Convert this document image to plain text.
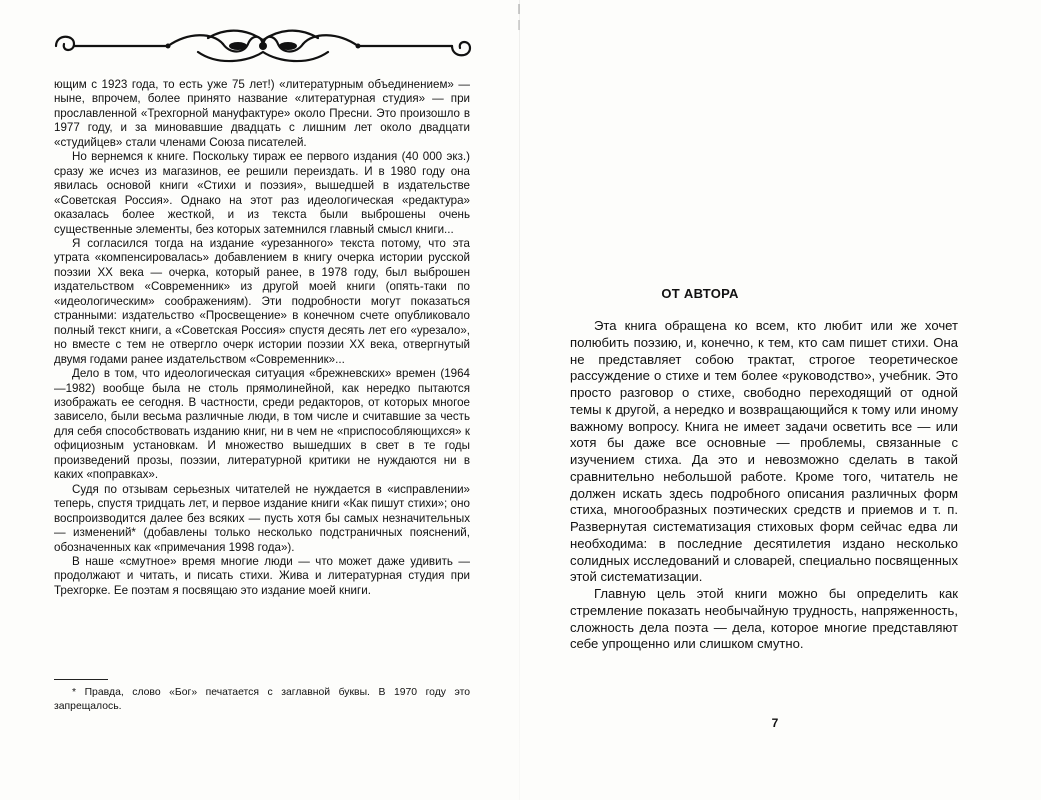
ющим с 1923 года, то есть уже 75 лет!) «литературным объединением» — ныне, впрочем, более принято название «литературная студия» — при прославленной «Трехгорной мануфактуре» около Пресни. Это произошло в 1977 году, и за миновавшие двадцать с лишним лет около двадцати «студийцев» стали членами Союза писателей.

Но вернемся к книге. Поскольку тираж ее первого издания (40 000 экз.) сразу же исчез из магазинов, ее решили переиздать. И в 1980 году она явилась основой книги «Стихи и поэзия», вышедшей в издательстве «Советская Россия». Однако на этот раз идеологическая «редактура» оказалась более жесткой, и из текста были выброшены очень существенные элементы, без которых затемнился главный смысл книги...

Я согласился тогда на издание «урезанного» текста потому, что эта утрата «компенсировалась» добавлением в книгу очерка истории русской поэзии XX века — очерка, который ранее, в 1978 году, был выброшен издательством «Современник» из другой моей книги (опять-таки по «идеологическим» соображениям). Эти подробности могут показаться странными: издательство «Просвещение» в конечном счете опубликовало полный текст книги, а «Советская Россия» спустя десять лет его «урезало», но вместе с тем не отвергло очерк истории поэзии XX века, отвергнутый двумя годами ранее издательством «Современник»...

Дело в том, что идеологическая ситуация «брежневских» времен (1964—1982) вообще была не столь прямолинейной, как нередко пытаются изображать ее сегодня. В частности, среди редакторов, от которых многое зависело, были весьма различные люди, в том числе и считавшие за честь для себя способствовать изданию книг, ни в чем не «приспособляющихся» к официозным установкам. И множество вышедших в свет в те годы произведений прозы, поэзии, литературной критики не нуждаются ни в каких «поправках».

Судя по отзывам серьезных читателей не нуждается в «исправлении» теперь, спустя тридцать лет, и первое издание книги «Как пишут стихи»; оно воспроизводится далее без всяких — пусть хотя бы самых незначительных — изменений* (добавлены только несколько подстраничных пояснений, обозначенных как «примечания 1998 года»).

В наше «смутное» время многие люди — что может даже удивить — продолжают и читать, и писать стихи. Жива и литературная студия при Трехгорке. Ее поэтам я посвящаю это издание моей книги.

* Правда, слово «Бог» печатается с заглавной буквы. В 1970 году это запрещалось.
ОТ АВТОРА

Эта книга обращена ко всем, кто любит или же хочет полюбить поэзию, и, конечно, к тем, кто сам пишет стихи. Она не представляет собою трактат, строгое теоретическое рассуждение о стихе и тем более «руководство», учебник. Это просто разговор о стихе, свободно переходящий от одной темы к другой, а нередко и возвращающийся к тому или иному важному вопросу. Книга не имеет задачи осветить все — или хотя бы даже все основные — проблемы, связанные с изучением стиха. Да это и невозможно сделать в такой сравнительно небольшой работе. Кроме того, читатель не должен искать здесь подробного описания различных форм стиха, многообразных поэтических средств и приемов и т. п. Развернутая систематизация стиховых форм сейчас едва ли необходима: в последние десятилетия издано несколько солидных исследований и словарей, специально посвященных этой систематизации.

Главную цель этой книги можно бы определить как стремление показать необычайную трудность, напряженность, сложность дела поэта — дела, которое многие представляют себе упрощенно или слишком смутно.

7
